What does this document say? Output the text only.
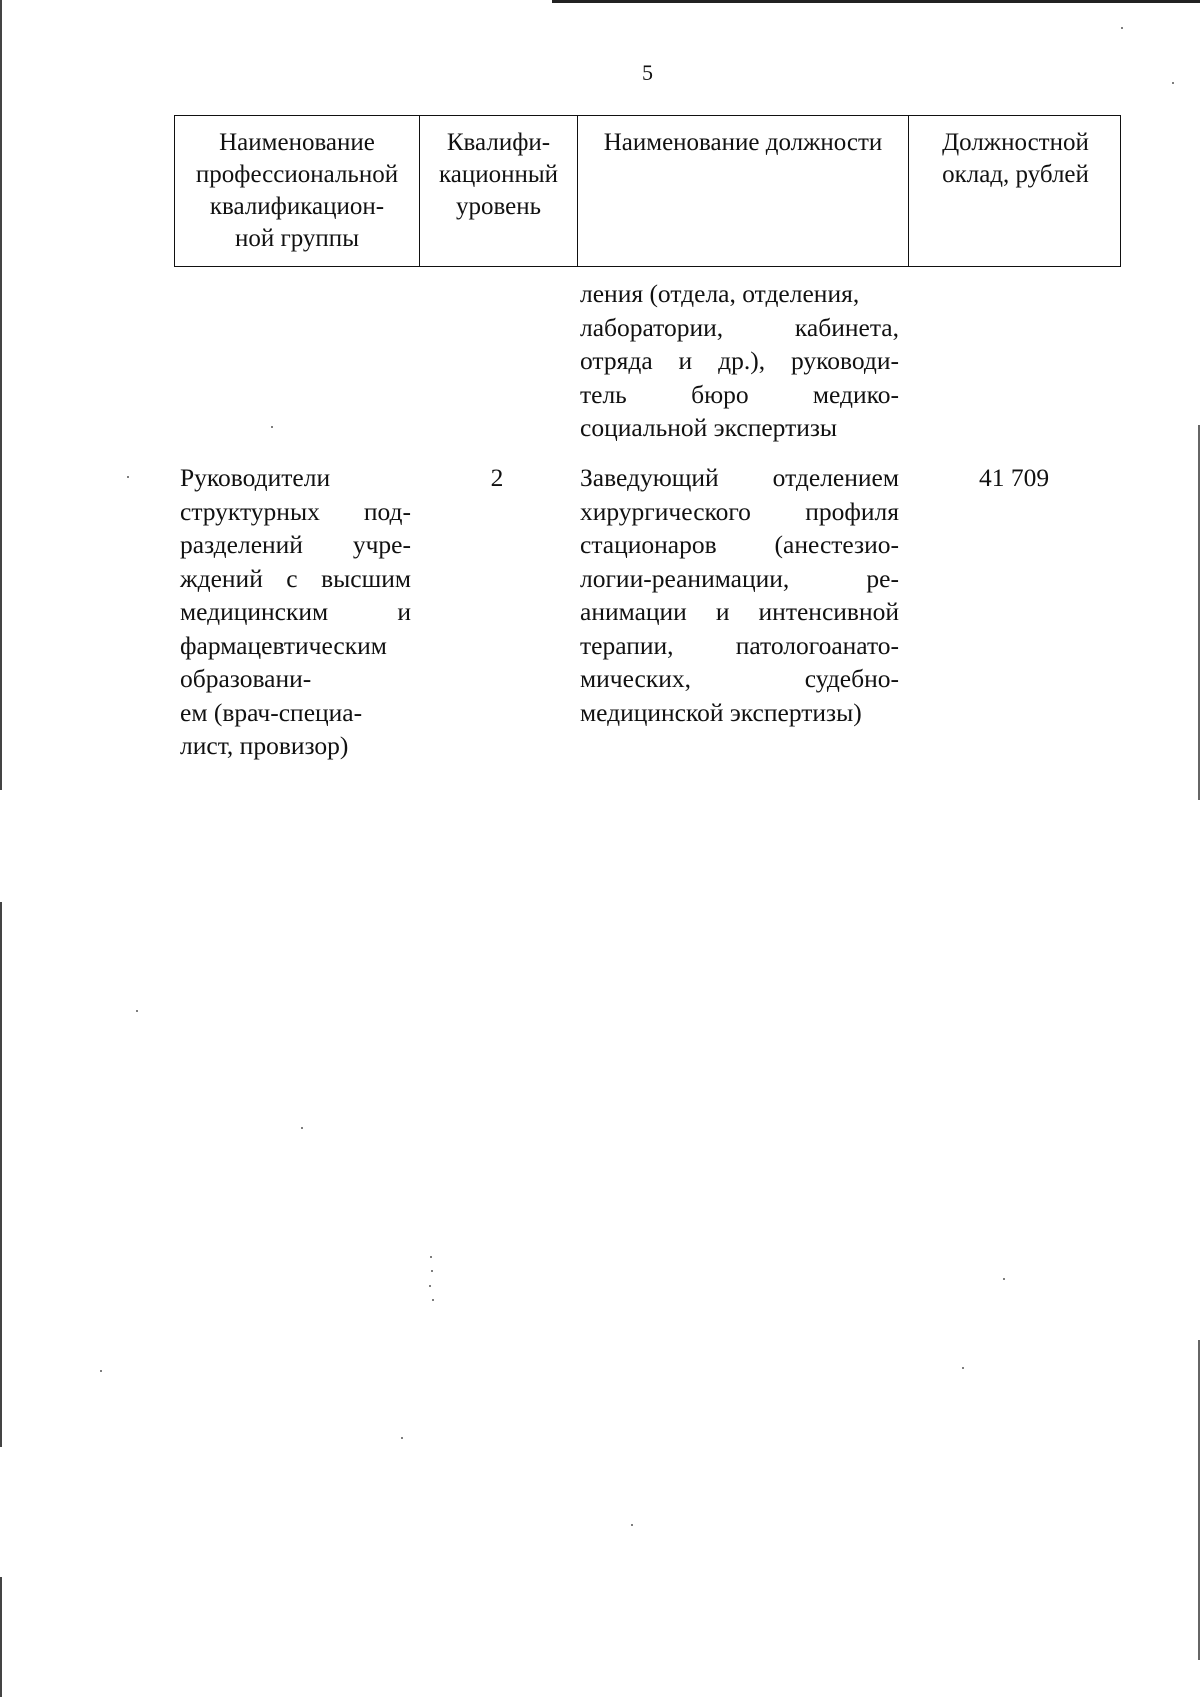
5
Наименование
профессиональной
квалификацион-
ной группы
Квалифи-
кационный
уровень
Наименование должности	Должностной
оклад, рублей
ления (отдела, отделения,
лаборатории, кабинета,
отряда и др.), руководи-
тель бюро медико-
социальной экспертизы
Руководители
структурных под-
разделений учре-
ждений с высшим
медицинским и
фармацевтическим
образовани-
ем (врач-специа-
лист, провизор)
2	Заведующий отделением
хирургического профиля
стационаров (анестезио-
логии-реанимации, ре-
анимации и интенсивной
терапии, патологоанато-
мических, судебно-
медицинской экспертизы)
41 709
